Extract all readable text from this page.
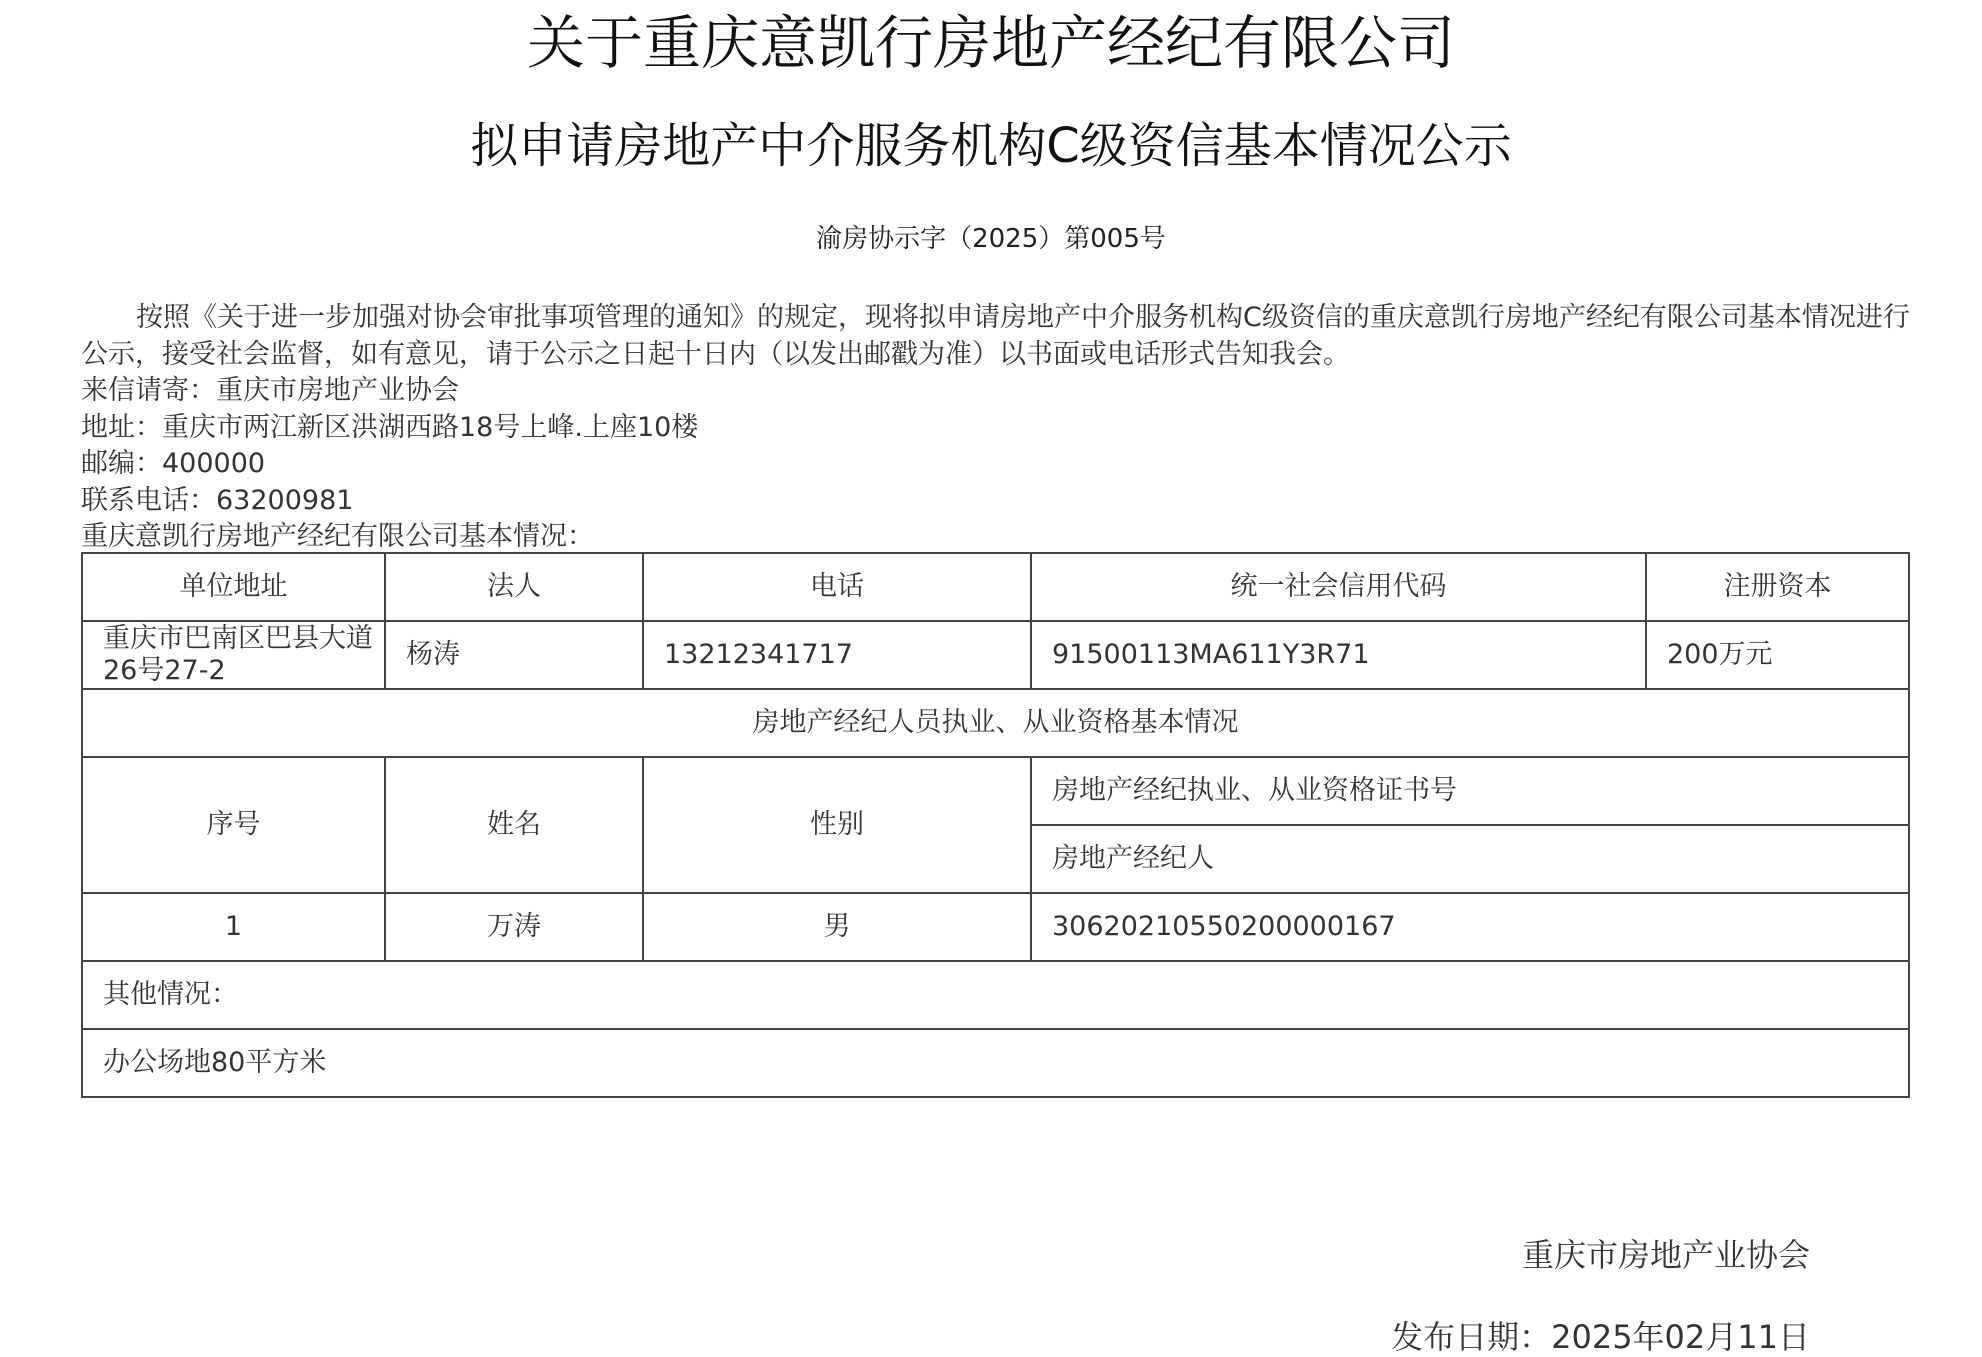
关于重庆意凯行房地产经纪有限公司
拟申请房地产中介服务机构C级资信基本情况公示
渝房协示字（2025）第005号

按照《关于进一步加强对协会审批事项管理的通知》的规定，现将拟申请房地产中介服务机构C级资信的重庆意凯行房地产经纪有限公司基本情况进行公示，接受社会监督，如有意见，请于公示之日起十日内（以发出邮戳为准）以书面或电话形式告知我会。

来信请寄：重庆市房地产业协会

地址：重庆市两江新区洪湖西路18号上峰.上座10楼

邮编：400000

联系电话：63200981

重庆意凯行房地产经纪有限公司基本情况：

单位地址	法人	电话	统一社会信用代码	注册资本
重庆市巴南区巴县大道26号27-2	杨涛	13212341717	91500113MA611Y3R71	200万元
房地产经纪人员执业、从业资格基本情况				
序号	姓名	性别	房地产经纪执业、从业资格证书号	
			房地产经纪人	
1	万涛	男	30620210550200000167	
其他情况：				
办公场地80平方米				
重庆市房地产业协会
发布日期：2025年02月11日
